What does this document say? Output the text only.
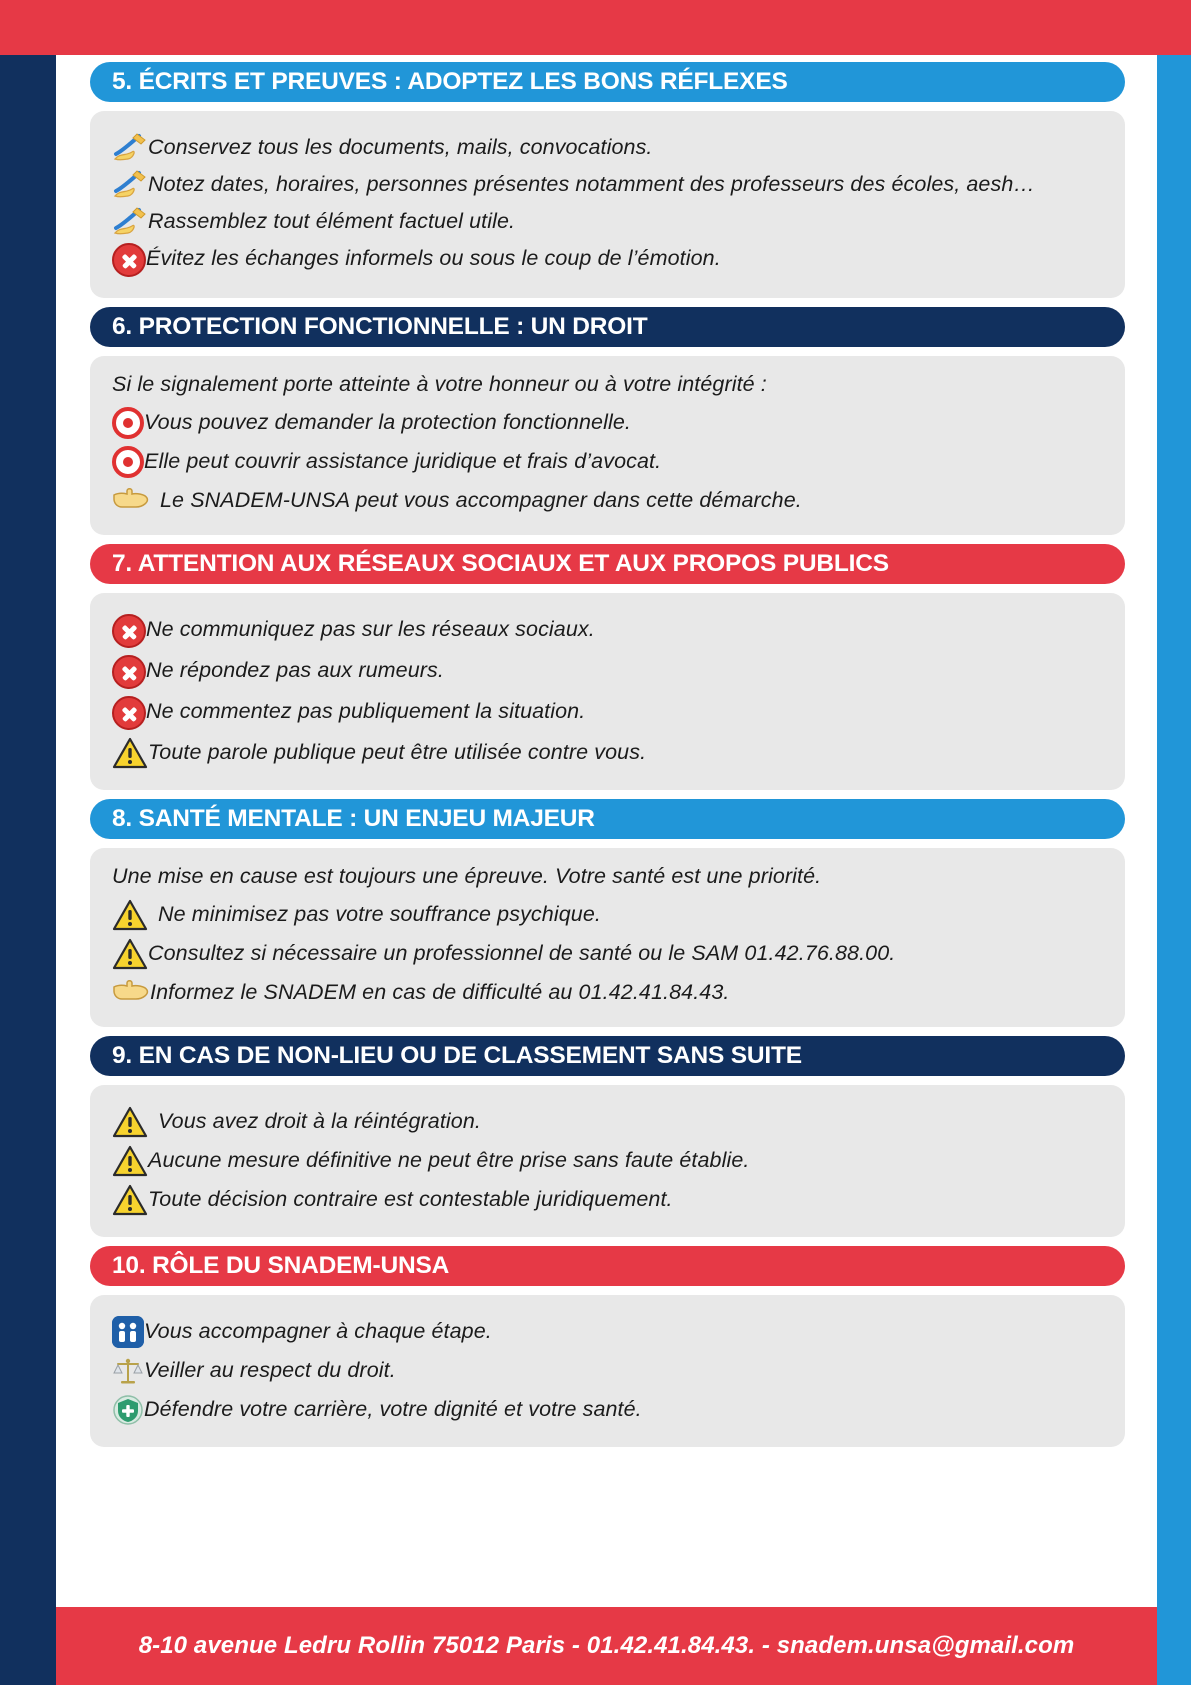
5. ÉCRITS ET PREUVES : ADOPTEZ LES BONS RÉFLEXES
Conservez tous les documents, mails, convocations.
Notez dates, horaires, personnes présentes notamment des professeurs des écoles, aesh…
Rassemblez tout élément factuel utile.
Évitez les échanges informels ou sous le coup de l’émotion.
6. PROTECTION FONCTIONNELLE : UN DROIT
Si le signalement porte atteinte à votre honneur ou à votre intégrité :
Vous pouvez demander la protection fonctionnelle.
Elle peut couvrir assistance juridique et frais d’avocat.
Le SNADEM-UNSA peut vous accompagner dans cette démarche.
7. ATTENTION AUX RÉSEAUX SOCIAUX ET AUX PROPOS PUBLICS
Ne communiquez pas sur les réseaux sociaux.
Ne répondez pas aux rumeurs.
Ne commentez pas publiquement la situation.
Toute parole publique peut être utilisée contre vous.
8. SANTÉ MENTALE : UN ENJEU MAJEUR
Une mise en cause est toujours une épreuve. Votre santé est une priorité.
Ne minimisez pas votre souffrance psychique.
Consultez si nécessaire un professionnel de santé ou le SAM 01.42.76.88.00.
Informez le SNADEM en cas de difficulté au 01.42.41.84.43.
9. EN CAS DE NON-LIEU OU DE CLASSEMENT SANS SUITE
Vous avez droit à la réintégration.
Aucune mesure définitive ne peut être prise sans faute établie.
Toute décision contraire est contestable juridiquement.
10. RÔLE DU SNADEM-UNSA
Vous accompagner à chaque étape.
Veiller au respect du droit.
Défendre votre carrière, votre dignité et votre santé.
8-10 avenue Ledru Rollin 75012 Paris - 01.42.41.84.43. - snadem.unsa@gmail.com
